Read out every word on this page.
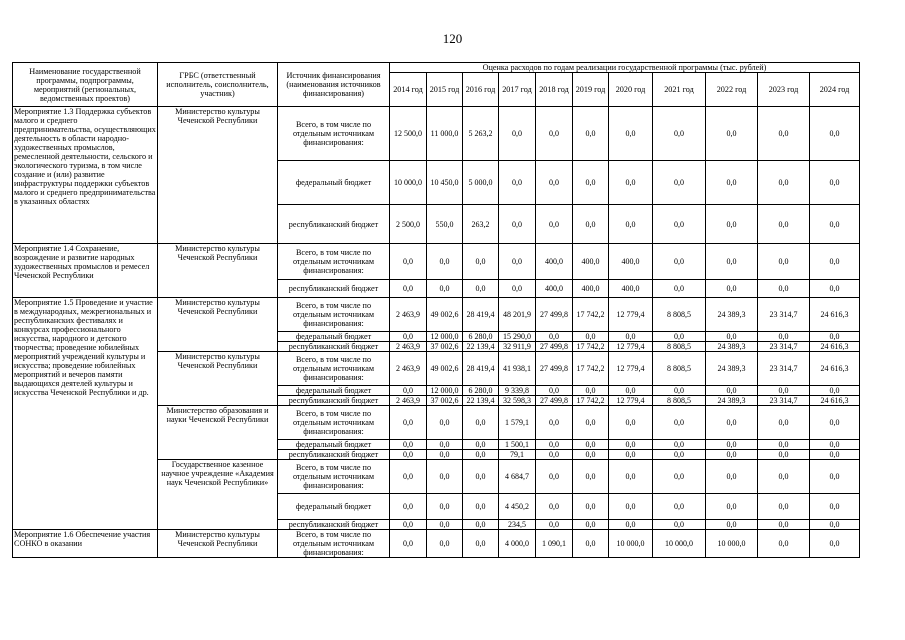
120
Наименование государственной программы, подпрограммы, мероприятий (региональных, ведомственных проектов)	ГРБС (ответственный исполнитель, соисполнитель, участник)	Источник финансирования (наименования источников финансирования)	Оценка расходов по годам реализации государственной программы (тыс. рублей)										
			2014 год	2015 год	2016 год	2017 год	2018 год	2019 год	2020 год	2021 год	2022 год	2023 год	2024 год
Мероприятие 1.3 Поддержка субъектов малого и среднего предпринимательства, осуществляющих деятельность в области народно-художественных промыслов, ремесленной деятельности, сельского и экологического туризма, в том числе создание и (или) развитие инфраструктуры поддержки субъектов малого и среднего предпринимательства в указанных областях	Министерство культуры Чеченской Республики	Всего, в том числе по отдельным источникам финансирования:	12 500,0	11 000,0	5 263,2	0,0	0,0	0,0	0,0	0,0	0,0	0,0	0,0
		федеральный бюджет	10 000,0	10 450,0	5 000,0	0,0	0,0	0,0	0,0	0,0	0,0	0,0	0,0
		республиканский бюджет	2 500,0	550,0	263,2	0,0	0,0	0,0	0,0	0,0	0,0	0,0	0,0
Мероприятие 1.4 Сохранение, возрождение и развитие народных художественных промыслов и ремесел Чеченской Республики	Министерство культуры Чеченской Республики	Всего, в том числе по отдельным источникам финансирования:	0,0	0,0	0,0	0,0	400,0	400,0	400,0	0,0	0,0	0,0	0,0
		республиканский бюджет	0,0	0,0	0,0	0,0	400,0	400,0	400,0	0,0	0,0	0,0	0,0
Мероприятие 1.5 Проведение и участие в международных, межрегиональных и республиканских фестивалях и конкурсах профессионального искусства, народного и детского творчества; проведение юбилейных мероприятий учреждений культуры и искусства; проведение юбилейных мероприятий и вечеров памяти выдающихся деятелей культуры и искусства Чеченской Республики и др.	Министерство культуры Чеченской Республики	Всего, в том числе по отдельным источникам финансирования:	2 463,9	49 002,6	28 419,4	48 201,9	27 499,8	17 742,2	12 779,4	8 808,5	24 389,3	23 314,7	24 616,3
		федеральный бюджет	0,0	12 000,0	6 280,0	15 290,0	0,0	0,0	0,0	0,0	0,0	0,0	0,0
		республиканский бюджет	2 463,9	37 002,6	22 139,4	32 911,9	27 499,8	17 742,2	12 779,4	8 808,5	24 389,3	23 314,7	24 616,3
	Министерство культуры Чеченской Республики	Всего, в том числе по отдельным источникам финансирования:	2 463,9	49 002,6	28 419,4	41 938,1	27 499,8	17 742,2	12 779,4	8 808,5	24 389,3	23 314,7	24 616,3
		федеральный бюджет	0,0	12 000,0	6 280,0	9 339,8	0,0	0,0	0,0	0,0	0,0	0,0	0,0
		республиканский бюджет	2 463,9	37 002,6	22 139,4	32 598,3	27 499,8	17 742,2	12 779,4	8 808,5	24 389,3	23 314,7	24 616,3
	Министерство образования и науки Чеченской Республики	Всего, в том числе по отдельным источникам финансирования:	0,0	0,0	0,0	1 579,1	0,0	0,0	0,0	0,0	0,0	0,0	0,0
		федеральный бюджет	0,0	0,0	0,0	1 500,1	0,0	0,0	0,0	0,0	0,0	0,0	0,0
		республиканский бюджет	0,0	0,0	0,0	79,1	0,0	0,0	0,0	0,0	0,0	0,0	0,0
	Государственное казенное научное учреждение «Академия наук Чеченской Республики»	Всего, в том числе по отдельным источникам финансирования:	0,0	0,0	0,0	4 684,7	0,0	0,0	0,0	0,0	0,0	0,0	0,0
		федеральный бюджет	0,0	0,0	0,0	4 450,2	0,0	0,0	0,0	0,0	0,0	0,0	0,0
		республиканский бюджет	0,0	0,0	0,0	234,5	0,0	0,0	0,0	0,0	0,0	0,0	0,0
Мероприятие 1.6 Обеспечение участия СОНКО в оказании	Министерство культуры Чеченской Республики	Всего, в том числе по отдельным источникам финансирования:	0,0	0,0	0,0	4 000,0	1 090,1	0,0	10 000,0	10 000,0	10 000,0	0,0	0,0
